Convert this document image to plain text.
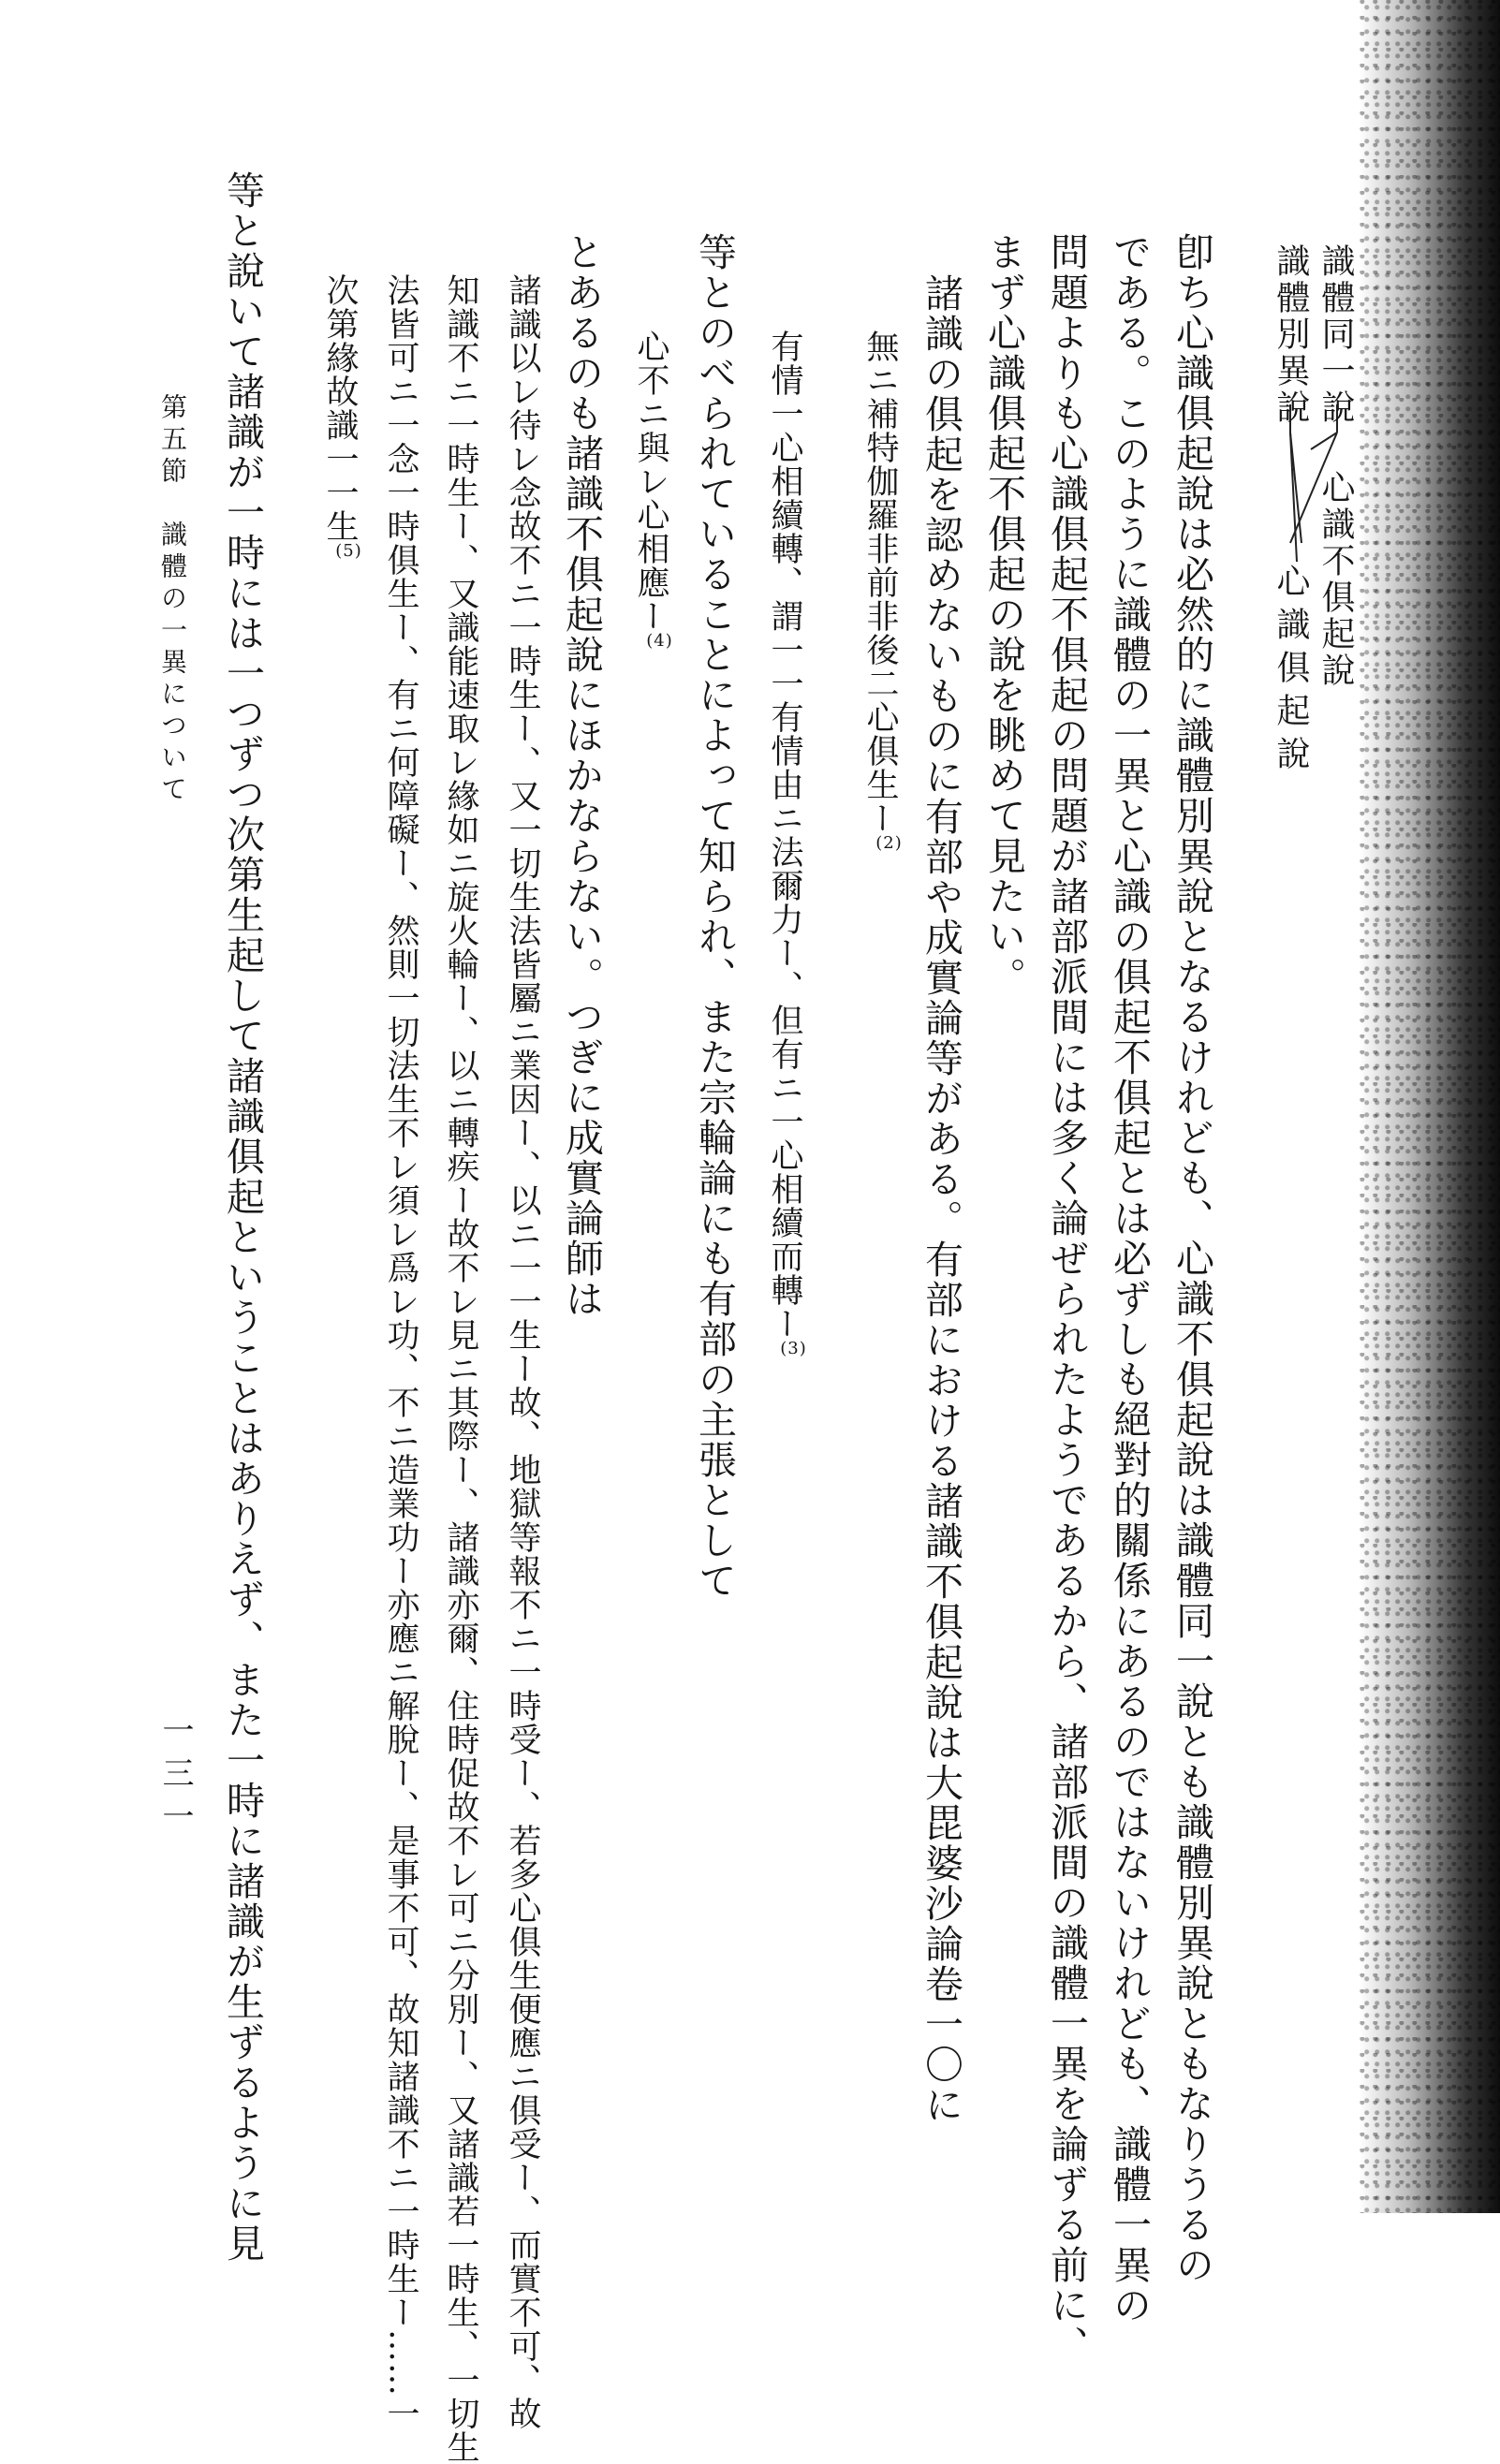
識體同一說
識體別異說
心識不俱起說
心識俱起說
卽ち心識俱起說は必然的に識體別異說となるけれども、心識不俱起說は識體同一說とも識體別異說ともなりうるの
である。このように識體の一異と心識の俱起不俱起とは必ずしも絕對的關係にあるのではないけれども、識體一異の
問題よりも心識俱起不俱起の問題が諸部派間には多く論ぜられたようであるから、諸部派間の識體一異を論ずる前に、
まず心識俱起不俱起の說を眺めて見たい。
諸識の俱起を認めないものに有部や成實論等がある。有部における諸識不俱起說は大毘婆沙論卷一〇に
無ニ補特伽羅非前非後二心俱生ー(2)
有情一心相續轉、謂一一有情由ニ法爾力ー、但有ニ一心相續而轉ー(3)
等とのべられていることによって知られ、また宗輪論にも有部の主張として
心不ニ與レ心相應ー(4)
とあるのも諸識不俱起說にほかならない。つぎに成實論師は
諸識以レ待レ念故不ニ一時生ー、又一切生法皆屬ニ業因ー、以ニ一一生ー故、地獄等報不ニ一時受ー、若多心俱生便應ニ俱受ー、而實不可、故
知識不ニ一時生ー、又識能速取レ緣如ニ旋火輪ー、以ニ轉疾ー故不レ見ニ其際ー、諸識亦爾、住時促故不レ可ニ分別ー、又諸識若一時生、一切生
法皆可ニ一念一時俱生ー、有ニ何障礙ー、然則一切法生不レ須レ爲レ功、不ニ造業功ー亦應ニ解脫ー、是事不可、故知諸識不ニ一時生ー……一
次第緣故識一一生(5)
等と說いて諸識が一時には一つずつ次第生起して諸識俱起ということはありえず、また一時に諸識が生ずるように見
第五節　識體の一異について
一三一
